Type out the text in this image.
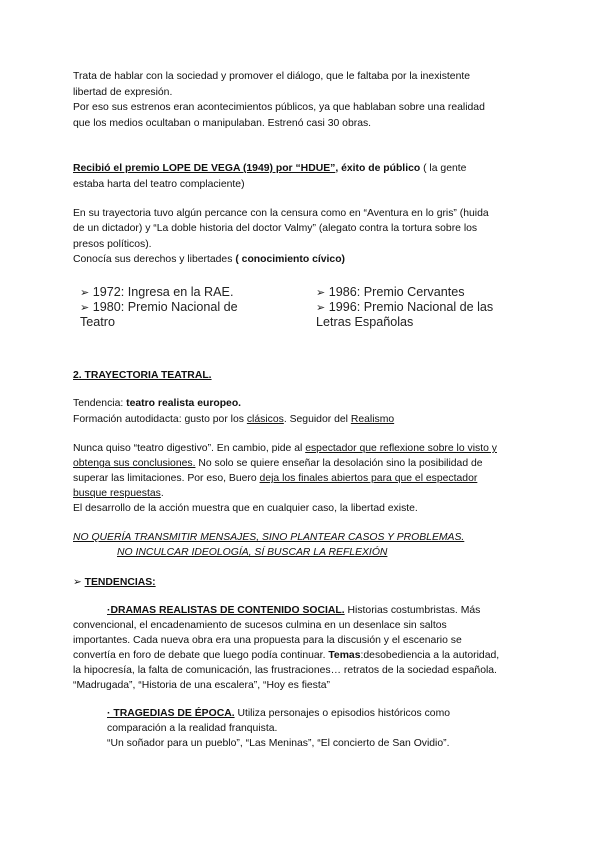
Trata de hablar con la sociedad y promover el diálogo, que le faltaba por la inexistente
libertad de expresión.
Por eso sus estrenos eran acontecimientos públicos, ya que hablaban sobre una realidad
que los medios ocultaban o manipulaban. Estrenó casi 30 obras.
Recibió el premio LOPE DE VEGA (1949) por “HDUE”, éxito de público ( la gente
estaba harta del teatro complaciente)
En su trayectoria tuvo algún percance con la censura como en “Aventura en lo gris” (huida
de un dictador) y “La doble historia del doctor Valmy” (alegato contra la tortura sobre los
presos políticos).
Conocía sus derechos y libertades ( conocimiento cívico)
➢ 1972: Ingresa en la RAE.
➢ 1980: Premio Nacional de
Teatro
➢ 1986: Premio Cervantes
➢ 1996: Premio Nacional de las
Letras Españolas
2. TRAYECTORIA TEATRAL.
Tendencia: teatro realista europeo.
Formación autodidacta: gusto por los clásicos. Seguidor del Realismo
Nunca quiso “teatro digestivo”. En cambio, pide al espectador que reflexione sobre lo visto y
obtenga sus conclusiones. No solo se quiere enseñar la desolación sino la posibilidad de
superar las limitaciones. Por eso, Buero deja los finales abiertos para que el espectador
busque respuestas.
El desarrollo de la acción muestra que en cualquier caso, la libertad existe.
NO QUERÍA TRANSMITIR MENSAJES, SINO PLANTEAR CASOS Y PROBLEMAS.
NO INCULCAR IDEOLOGÍA, SÍ BUSCAR LA REFLEXIÓN
➢ TENDENCIAS:
·DRAMAS REALISTAS DE CONTENIDO SOCIAL. Historias costumbristas. Más
convencional, el encadenamiento de sucesos culmina en un desenlace sin saltos
importantes. Cada nueva obra era una propuesta para la discusión y el escenario se
convertía en foro de debate que luego podía continuar. Temas:desobediencia a la autoridad,
la hipocresía, la falta de comunicación, las frustraciones… retratos de la sociedad española.
“Madrugada”, “Historia de una escalera”, “Hoy es fiesta”
· TRAGEDIAS DE ÉPOCA. Utiliza personajes o episodios históricos como
comparación a la realidad franquista.
“Un soñador para un pueblo”, “Las Meninas”, “El concierto de San Ovidio”.
